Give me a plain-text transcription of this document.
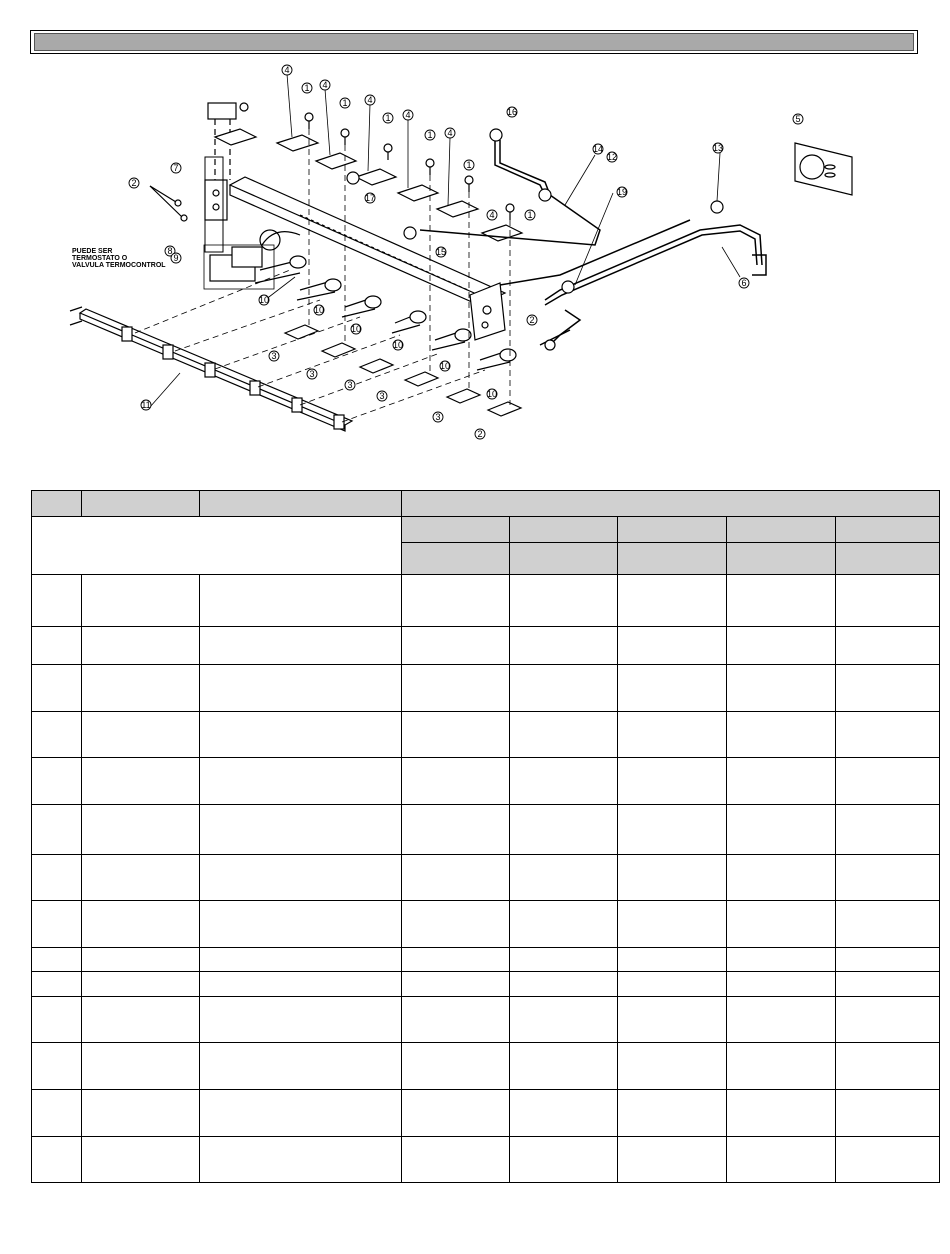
PUEDE SER
TERMOSTATO O
VALVULA TERMOCONTROL
4
4
4
4
4
4
1
1
1
1
1
1
5
6
7
8
9
10
10
10
10
10
10
11
12
19
13
14
15
16
17
2
2
3
3
3
3
3
2
